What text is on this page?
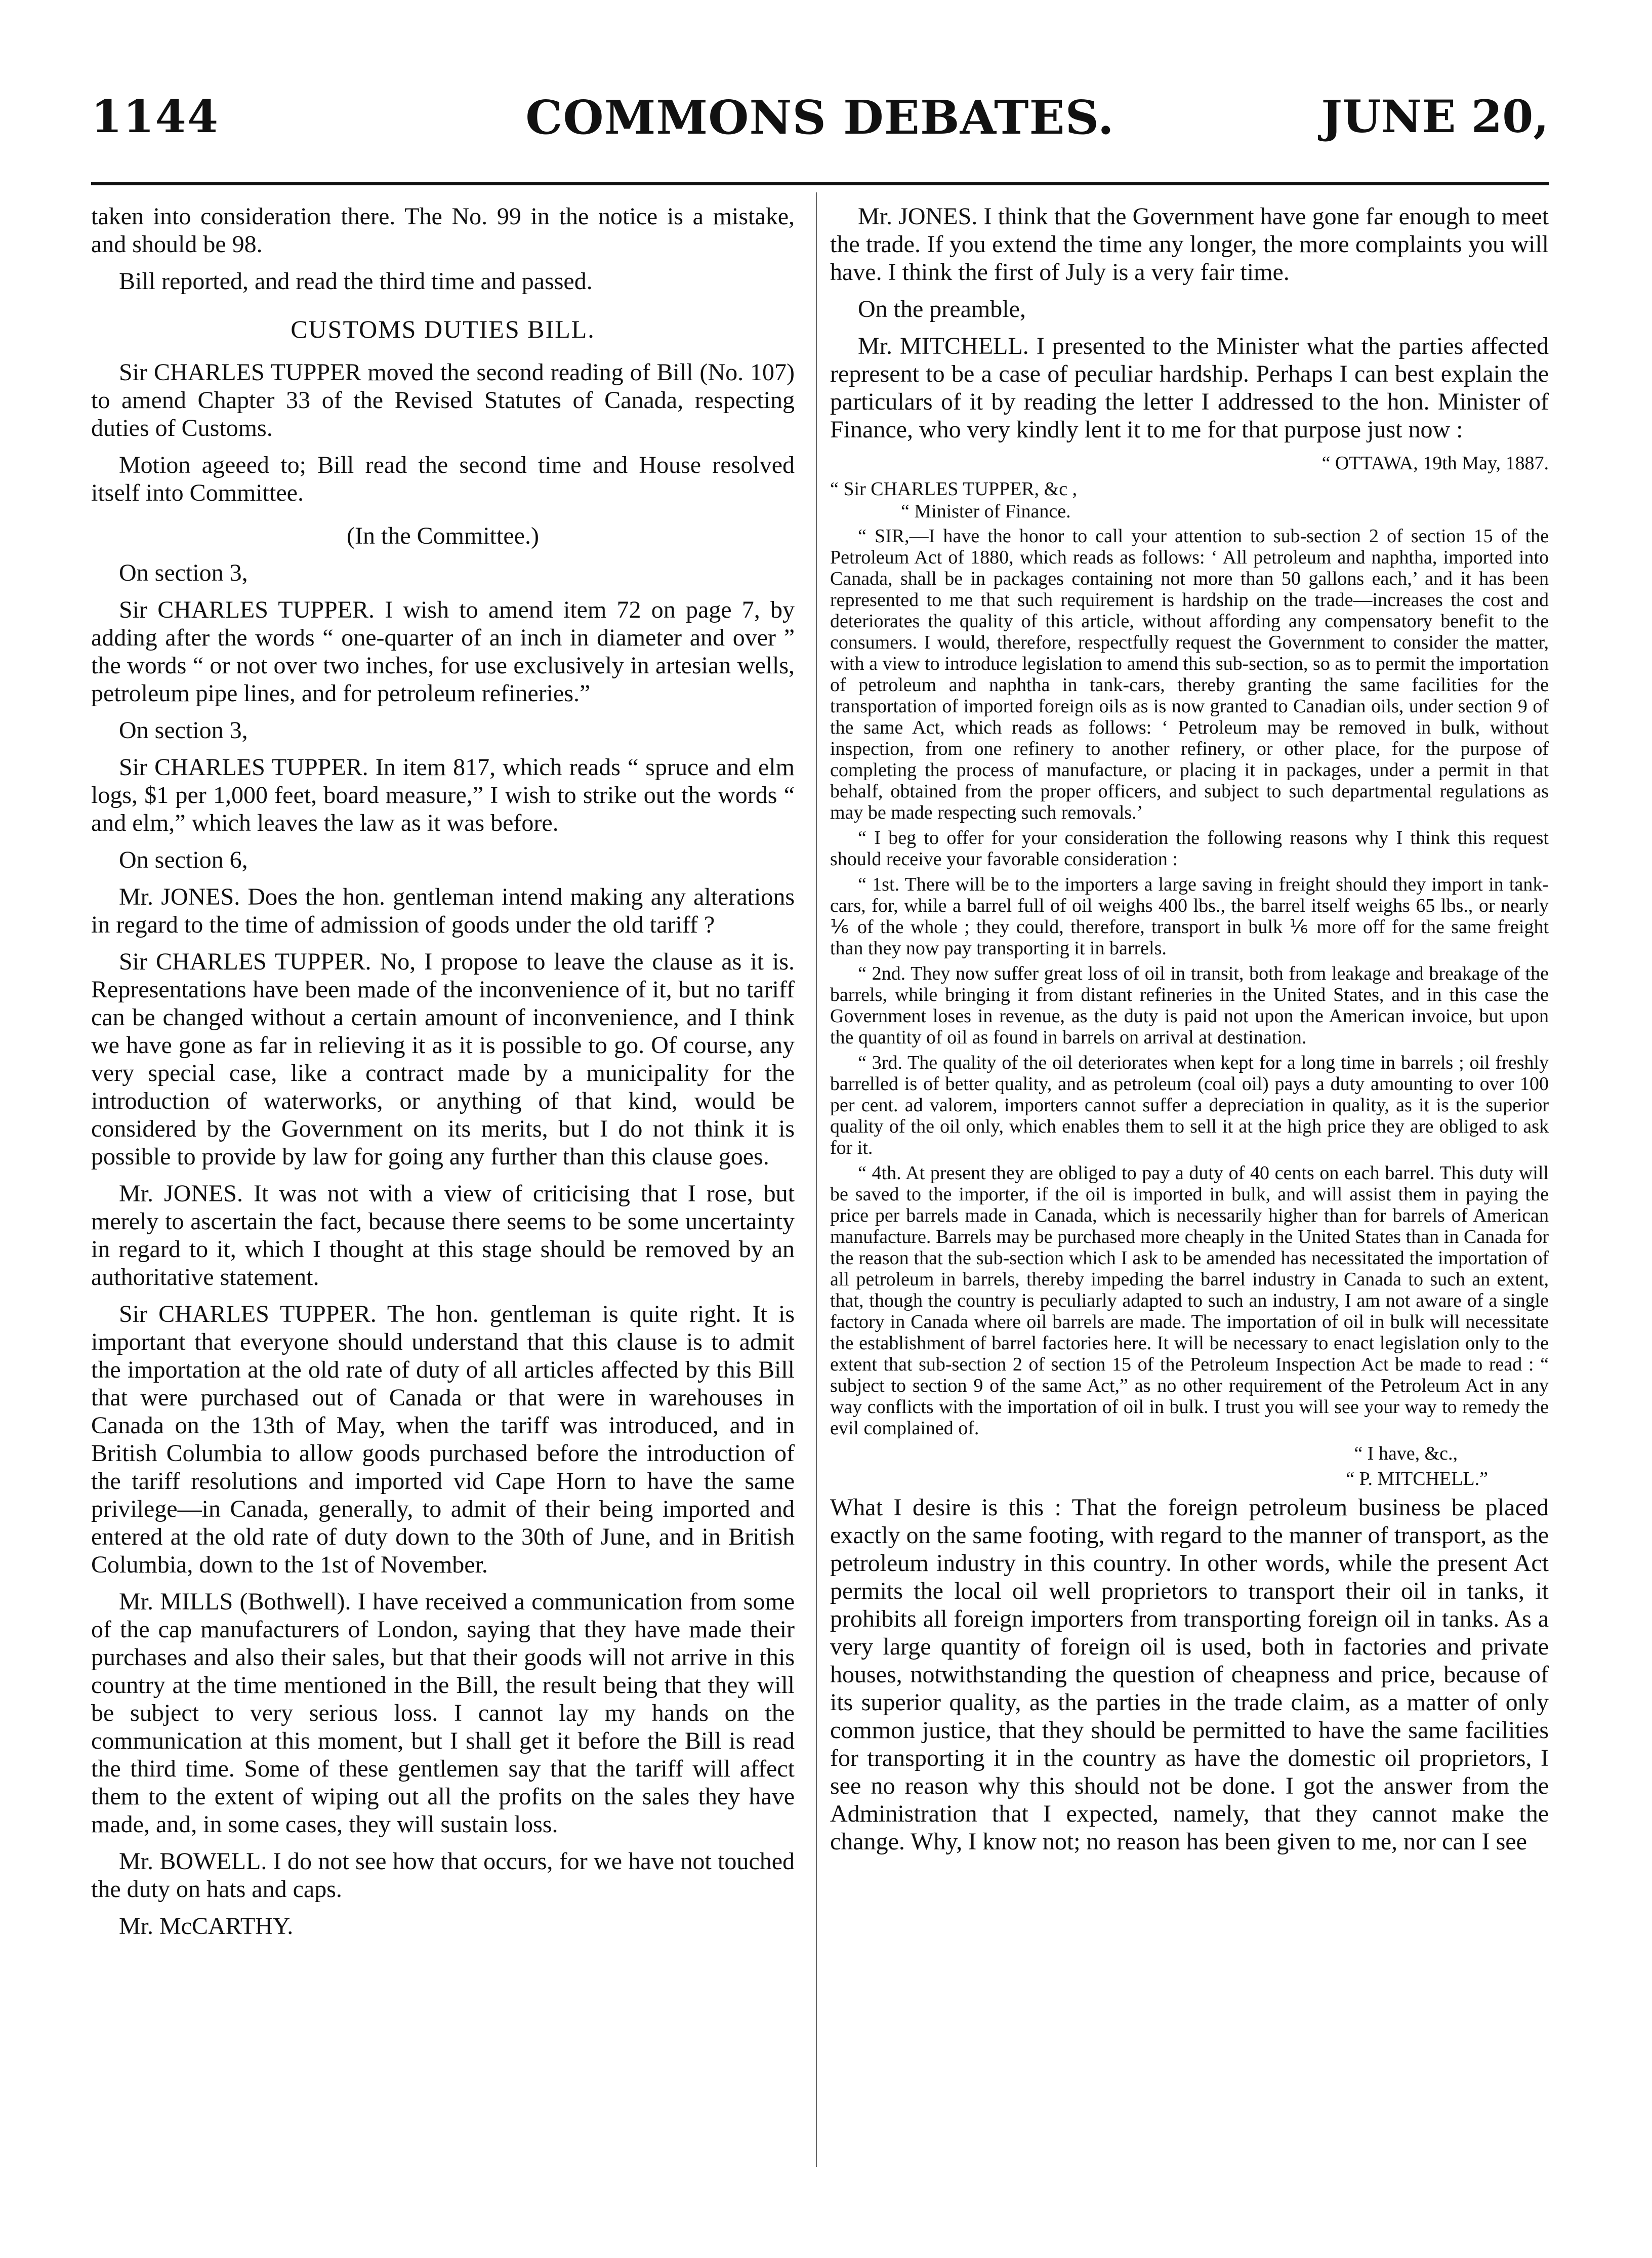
1144	COMMONS DEBATES.	JUNE 20,

taken into consideration there. The No. 99 in the notice is a mistake, and should be 98.

Bill reported, and read the third time and passed.

CUSTOMS DUTIES BILL.

Sir CHARLES TUPPER moved the second reading of Bill (No. 107) to amend Chapter 33 of the Revised Statutes of Canada, respecting duties of Customs.

Motion ageeed to; Bill read the second time and House resolved itself into Committee.

(In the Committee.)

On section 3,

Sir CHARLES TUPPER. I wish to amend item 72 on page 7, by adding after the words “ one-quarter of an inch in diameter and over ” the words “ or not over two inches, for use exclusively in artesian wells, petroleum pipe lines, and for petroleum refineries.”

On section 3,

Sir CHARLES TUPPER. In item 817, which reads “ spruce and elm logs, $1 per 1,000 feet, board measure,” I wish to strike out the words “ and elm,” which leaves the law as it was before.

On section 6,

Mr. JONES. Does the hon. gentleman intend making any alterations in regard to the time of admission of goods under the old tariff ?

Sir CHARLES TUPPER. No, I propose to leave the clause as it is. Representations have been made of the inconvenience of it, but no tariff can be changed without a certain amount of inconvenience, and I think we have gone as far in relieving it as it is possible to go. Of course, any very special case, like a contract made by a municipality for the introduction of waterworks, or anything of that kind, would be considered by the Government on its merits, but I do not think it is possible to provide by law for going any further than this clause goes.

Mr. JONES. It was not with a view of criticising that I rose, but merely to ascertain the fact, because there seems to be some uncertainty in regard to it, which I thought at this stage should be removed by an authoritative statement.

Sir CHARLES TUPPER. The hon. gentleman is quite right. It is important that everyone should understand that this clause is to admit the importation at the old rate of duty of all articles affected by this Bill that were purchased out of Canada or that were in warehouses in Canada on the 13th of May, when the tariff was introduced, and in British Columbia to allow goods purchased before the introduction of the tariff resolutions and imported vid Cape Horn to have the same privilege—in Canada, generally, to admit of their being imported and entered at the old rate of duty down to the 30th of June, and in British Columbia, down to the 1st of November.

Mr. MILLS (Bothwell). I have received a communication from some of the cap manufacturers of London, saying that they have made their purchases and also their sales, but that their goods will not arrive in this country at the time mentioned in the Bill, the result being that they will be subject to very serious loss. I cannot lay my hands on the communication at this moment, but I shall get it before the Bill is read the third time. Some of these gentlemen say that the tariff will affect them to the extent of wiping out all the profits on the sales they have made, and, in some cases, they will sustain loss.

Mr. BOWELL. I do not see how that occurs, for we have not touched the duty on hats and caps.

Mr. McCARTHY.

Mr. JONES. I think that the Government have gone far enough to meet the trade. If you extend the time any longer, the more complaints you will have. I think the first of July is a very fair time.

On the preamble,

Mr. MITCHELL. I presented to the Minister what the parties affected represent to be a case of peculiar hardship. Perhaps I can best explain the particulars of it by reading the letter I addressed to the hon. Minister of Finance, who very kindly lent it to me for that purpose just now :

“ OTTAWA, 19th May, 1887.

“ Sir CHARLES TUPPER, &c ,
“ Minister of Finance.

“ SIR,—I have the honor to call your attention to sub-section 2 of section 15 of the Petroleum Act of 1880, which reads as follows: ‘ All petroleum and naphtha, imported into Canada, shall be in packages containing not more than 50 gallons each,’ and it has been represented to me that such requirement is hardship on the trade—increases the cost and deteriorates the quality of this article, without affording any compensatory benefit to the consumers. I would, therefore, respectfully request the Government to consider the matter, with a view to introduce legislation to amend this sub-section, so as to permit the importation of petroleum and naphtha in tank-cars, thereby granting the same facilities for the transportation of imported foreign oils as is now granted to Canadian oils, under section 9 of the same Act, which reads as follows: ‘ Petroleum may be removed in bulk, without inspection, from one refinery to another refinery, or other place, for the purpose of completing the process of manufacture, or placing it in packages, under a permit in that behalf, obtained from the proper officers, and subject to such departmental regulations as may be made respecting such removals.’

“ I beg to offer for your consideration the following reasons why I think this request should receive your favorable consideration :

“ 1st. There will be to the importers a large saving in freight should they import in tank-cars, for, while a barrel full of oil weighs 400 lbs., the barrel itself weighs 65 lbs., or nearly ⅙ of the whole ; they could, therefore, transport in bulk ⅙ more off for the same freight than they now pay transporting it in barrels.

“ 2nd. They now suffer great loss of oil in transit, both from leakage and breakage of the barrels, while bringing it from distant refineries in the United States, and in this case the Government loses in revenue, as the duty is paid not upon the American invoice, but upon the quantity of oil as found in barrels on arrival at destination.

“ 3rd. The quality of the oil deteriorates when kept for a long time in barrels ; oil freshly barrelled is of better quality, and as petroleum (coal oil) pays a duty amounting to over 100 per cent. ad valorem, importers cannot suffer a depreciation in quality, as it is the superior quality of the oil only, which enables them to sell it at the high price they are obliged to ask for it.

“ 4th. At present they are obliged to pay a duty of 40 cents on each barrel. This duty will be saved to the importer, if the oil is imported in bulk, and will assist them in paying the price per barrels made in Canada, which is necessarily higher than for barrels of American manufacture. Barrels may be purchased more cheaply in the United States than in Canada for the reason that the sub-section which I ask to be amended has necessitated the importation of all petroleum in barrels, thereby impeding the barrel industry in Canada to such an extent, that, though the country is peculiarly adapted to such an industry, I am not aware of a single factory in Canada where oil barrels are made. The importation of oil in bulk will necessitate the establishment of barrel factories here. It will be necessary to enact legislation only to the extent that sub-section 2 of section 15 of the Petroleum Inspection Act be made to read : “ subject to section 9 of the same Act,” as no other requirement of the Petroleum Act in any way conflicts with the importation of oil in bulk. I trust you will see your way to remedy the evil complained of.

“ I have, &c.,

“ P. MITCHELL.”

What I desire is this : That the foreign petroleum business be placed exactly on the same footing, with regard to the manner of transport, as the petroleum industry in this country. In other words, while the present Act permits the local oil well proprietors to transport their oil in tanks, it prohibits all foreign importers from transporting foreign oil in tanks. As a very large quantity of foreign oil is used, both in factories and private houses, notwithstanding the question of cheapness and price, because of its superior quality, as the parties in the trade claim, as a matter of only common justice, that they should be permitted to have the same facilities for transporting it in the country as have the domestic oil proprietors, I see no reason why this should not be done. I got the answer from the Administration that I expected, namely, that they cannot make the change. Why, I know not; no reason has been given to me, nor can I see
